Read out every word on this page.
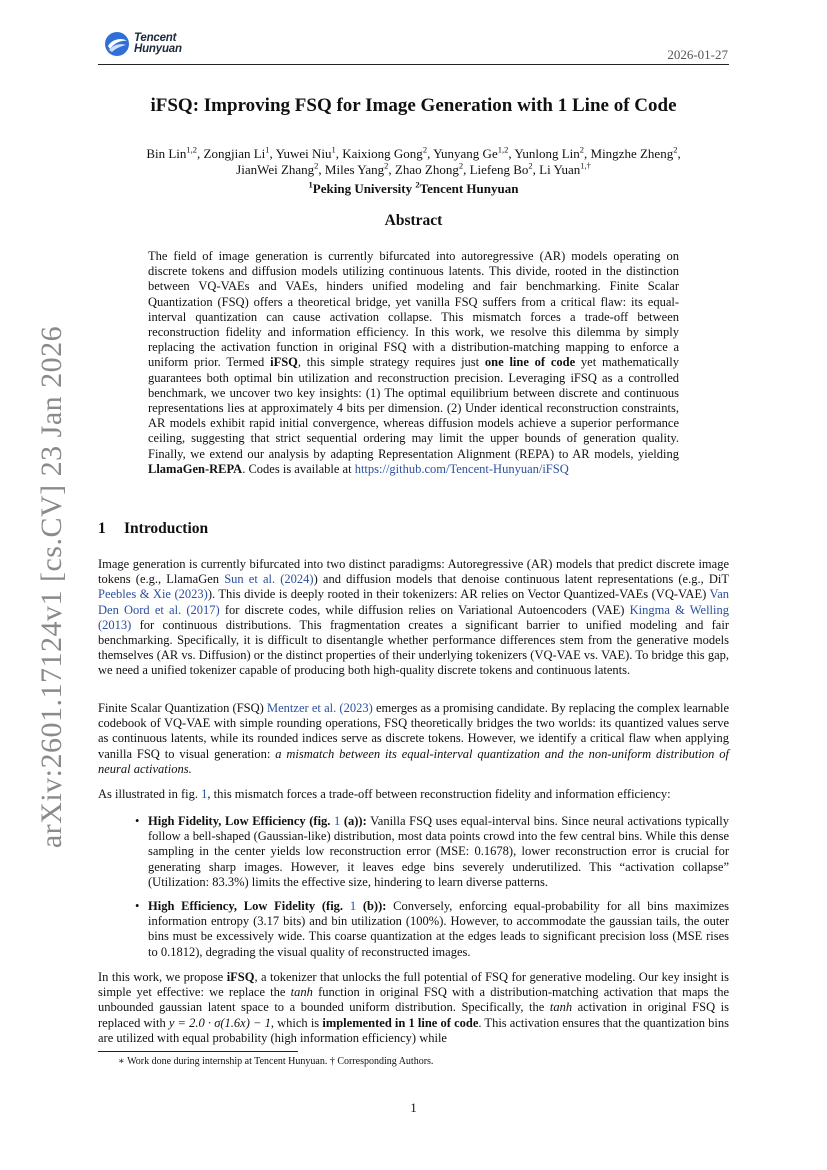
Tencent
Hunyuan	2026-01-27
arXiv:2601.17124v1 [cs.CV] 23 Jan 2026
iFSQ: Improving FSQ for Image Generation with 1 Line of Code
Bin Lin$^{1,2}$, Zongjian Li$^1$, Yuwei Niu$^1$, Kaixiong Gong$^2$, Yunyang Ge$^{1,2}$, Yunlong Lin$^2$, Mingzhe Zheng$^2$, JianWei Zhang$^2$, Miles Yang$^2$, Zhao Zhong$^2$, Liefeng Bo$^2$, Li Yuan$^{1,\dagger}$
$^1$Peking University $^2$Tencent Hunyuan
Abstract
The field of image generation is currently bifurcated into autoregressive (AR) models operating on discrete tokens and diffusion models utilizing continuous latents. This divide, rooted in the distinction between VQ-VAEs and VAEs, hinders unified modeling and fair benchmarking. Finite Scalar Quantization (FSQ) offers a theoretical bridge, yet vanilla FSQ suffers from a critical flaw: its equal-interval quantization can cause activation collapse. This mismatch forces a trade-off between reconstruction fidelity and information efficiency. In this work, we resolve this dilemma by simply replacing the activation function in original FSQ with a distribution-matching mapping to enforce a uniform prior. Termed iFSQ, this simple strategy requires just one line of code yet mathematically guarantees both optimal bin utilization and reconstruction precision. Leveraging iFSQ as a controlled benchmark, we uncover two key insights: (1) The optimal equilibrium between discrete and continuous representations lies at approximately 4 bits per dimension. (2) Under identical reconstruction constraints, AR models exhibit rapid initial convergence, whereas diffusion models achieve a superior performance ceiling, suggesting that strict sequential ordering may limit the upper bounds of generation quality. Finally, we extend our analysis by adapting Representation Alignment (REPA) to AR models, yielding LlamaGen-REPA. Codes is available at https://github.com/Tencent-Hunyuan/iFSQ
1 Introduction
Image generation is currently bifurcated into two distinct paradigms: Autoregressive (AR) models that predict discrete image tokens (e.g., LlamaGen Sun et al. (2024)) and diffusion models that denoise continuous latent representations (e.g., DiT Peebles & Xie (2023)). This divide is deeply rooted in their tokenizers: AR relies on Vector Quantized-VAEs (VQ-VAE) Van Den Oord et al. (2017) for discrete codes, while diffusion relies on Variational Autoencoders (VAE) Kingma & Welling (2013) for continuous distributions. This fragmentation creates a significant barrier to unified modeling and fair benchmarking. Specifically, it is difficult to disentangle whether performance differences stem from the generative models themselves (AR vs. Diffusion) or the distinct properties of their underlying tokenizers (VQ-VAE vs. VAE). To bridge this gap, we need a unified tokenizer capable of producing both high-quality discrete tokens and continuous latents.
Finite Scalar Quantization (FSQ) Mentzer et al. (2023) emerges as a promising candidate. By replacing the complex learnable codebook of VQ-VAE with simple rounding operations, FSQ theoretically bridges the two worlds: its quantized values serve as continuous latents, while its rounded indices serve as discrete tokens. However, we identify a critical flaw when applying vanilla FSQ to visual generation: a mismatch between its equal-interval quantization and the non-uniform distribution of neural activations.
As illustrated in fig. 1, this mismatch forces a trade-off between reconstruction fidelity and information efficiency:
• High Fidelity, Low Efficiency (fig. 1 (a)): Vanilla FSQ uses equal-interval bins. Since neural activations typically follow a bell-shaped (Gaussian-like) distribution, most data points crowd into the few central bins. While this dense sampling in the center yields low reconstruction error (MSE: 0.1678), lower reconstruction error is crucial for generating sharp images. However, it leaves edge bins severely underutilized. This “activation collapse” (Utilization: 83.3%) limits the effective size, hindering to learn diverse patterns.
• High Efficiency, Low Fidelity (fig. 1 (b)): Conversely, enforcing equal-probability for all bins maximizes information entropy (3.17 bits) and bin utilization (100%). However, to accommodate the gaussian tails, the outer bins must be excessively wide. This coarse quantization at the edges leads to significant precision loss (MSE rises to 0.1812), degrading the visual quality of reconstructed images.
In this work, we propose iFSQ, a tokenizer that unlocks the full potential of FSQ for generative modeling. Our key insight is simple yet effective: we replace the tanh function in original FSQ with a distribution-matching activation that maps the unbounded gaussian latent space to a bounded uniform distribution. Specifically, the tanh activation in original FSQ is replaced with y = 2.0 · σ(1.6x) − 1, which is implemented in 1 line of code. This activation ensures that the quantization bins are utilized with equal probability (high information efficiency) while
∗ Work done during internship at Tencent Hunyuan. † Corresponding Authors.
1
